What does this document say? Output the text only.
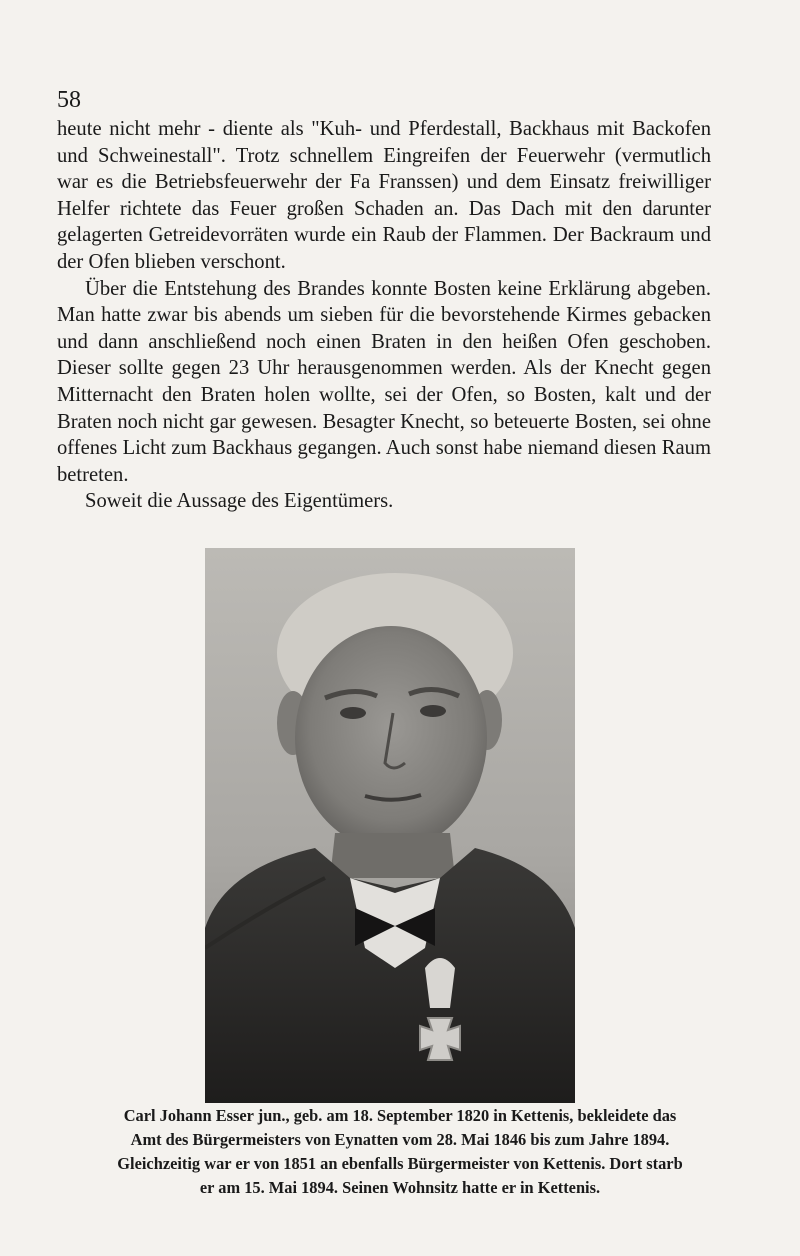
58

heute nicht mehr - diente als "Kuh- und Pferdestall, Backhaus mit Backofen und Schweinestall". Trotz schnellem Eingreifen der Feuerwehr (vermutlich war es die Betriebsfeuerwehr der Fa Franssen) und dem Einsatz freiwilliger Helfer richtete das Feuer großen Schaden an. Das Dach mit den darunter gelagerten Getreidevorräten wurde ein Raub der Flammen. Der Backraum und der Ofen blieben verschont.

Über die Entstehung des Brandes konnte Bosten keine Erklärung abgeben. Man hatte zwar bis abends um sieben für die bevorstehende Kirmes gebacken und dann anschließend noch einen Braten in den heißen Ofen geschoben. Dieser sollte gegen 23 Uhr herausgenommen werden. Als der Knecht gegen Mitternacht den Braten holen wollte, sei der Ofen, so Bosten, kalt und der Braten noch nicht gar gewesen. Besagter Knecht, so beteuerte Bosten, sei ohne offenes Licht zum Backhaus gegangen. Auch sonst habe niemand diesen Raum betreten.

Soweit die Aussage des Eigentümers.

Carl Johann Esser jun., geb. am 18. September 1820 in Kettenis, bekleidete das
Amt des Bürgermeisters von Eynatten vom 28. Mai 1846 bis zum Jahre 1894.
Gleichzeitig war er von 1851 an ebenfalls Bürgermeister von Kettenis. Dort starb
er am 15. Mai 1894. Seinen Wohnsitz hatte er in Kettenis.
